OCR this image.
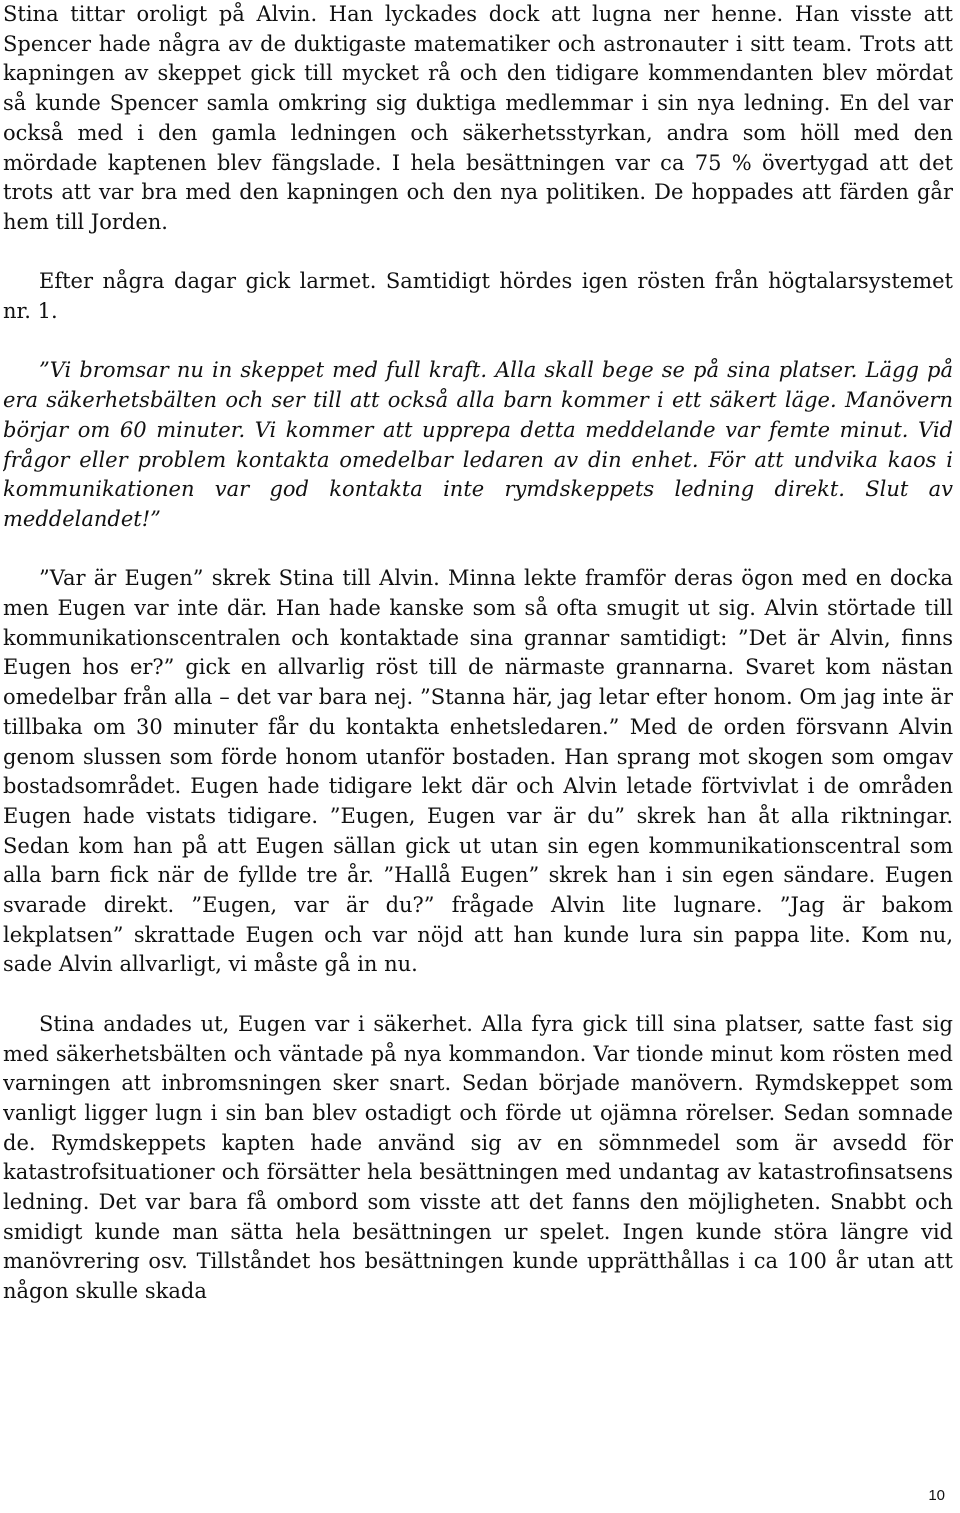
Stina tittar oroligt på Alvin. Han lyckades dock att lugna ner henne. Han visste att Spencer hade några av de duktigaste matematiker och astronauter i sitt team. Trots att kapningen av skeppet gick till mycket rå och den tidigare kommendanten blev mördat så kunde Spencer samla omkring sig duktiga medlemmar i sin nya ledning. En del var också med i den gamla ledningen och säkerhetsstyrkan, andra som höll med den mördade kaptenen blev fängslade. I hela besättningen var ca 75 % övertygad att det trots att var bra med den kapningen och den nya politiken. De hoppades att färden går hem till Jorden.

Efter några dagar gick larmet. Samtidigt hördes igen rösten från högtalarsystemet nr. 1.

”Vi bromsar nu in skeppet med full kraft. Alla skall bege se på sina platser. Lägg på era säkerhetsbälten och ser till att också alla barn kommer i ett säkert läge. Manövern börjar om 60 minuter. Vi kommer att upprepa detta meddelande var femte minut. Vid frågor eller problem kontakta omedelbar ledaren av din enhet. För att undvika kaos i kommunikationen var god kontakta inte rymdskeppets ledning direkt. Slut av meddelandet!”

”Var är Eugen” skrek Stina till Alvin. Minna lekte framför deras ögon med en docka men Eugen var inte där. Han hade kanske som så ofta smugit ut sig. Alvin störtade till kommunikationscentralen och kontaktade sina grannar samtidigt: ”Det är Alvin, finns Eugen hos er?” gick en allvarlig röst till de närmaste grannarna. Svaret kom nästan omedelbar från alla – det var bara nej. ”Stanna här, jag letar efter honom. Om jag inte är tillbaka om 30 minuter får du kontakta enhetsledaren.” Med de orden försvann Alvin genom slussen som förde honom utanför bostaden. Han sprang mot skogen som omgav bostadsområdet. Eugen hade tidigare lekt där och Alvin letade förtvivlat i de områden Eugen hade vistats tidigare. ”Eugen, Eugen var är du” skrek han åt alla riktningar. Sedan kom han på att Eugen sällan gick ut utan sin egen kommunikationscentral som alla barn fick när de fyllde tre år. ”Hallå Eugen” skrek han i sin egen sändare. Eugen svarade direkt. ”Eugen, var är du?” frågade Alvin lite lugnare. ”Jag är bakom lekplatsen” skrattade Eugen och var nöjd att han kunde lura sin pappa lite. Kom nu, sade Alvin allvarligt, vi måste gå in nu.

Stina andades ut, Eugen var i säkerhet. Alla fyra gick till sina platser, satte fast sig med säkerhetsbälten och väntade på nya kommandon. Var tionde minut kom rösten med varningen att inbromsningen sker snart. Sedan började manövern. Rymdskeppet som vanligt ligger lugn i sin ban blev ostadigt och förde ut ojämna rörelser. Sedan somnade de. Rymdskeppets kapten hade använd sig av en sömnmedel som är avsedd för katastrofsituationer och försätter hela besättningen med undantag av katastrofinsatsens ledning. Det var bara få ombord som visste att det fanns den möjligheten. Snabbt och smidigt kunde man sätta hela besättningen ur spelet. Ingen kunde störa längre vid manövrering osv. Tillståndet hos besättningen kunde upprätthållas i ca 100 år utan att någon skulle skada

10
